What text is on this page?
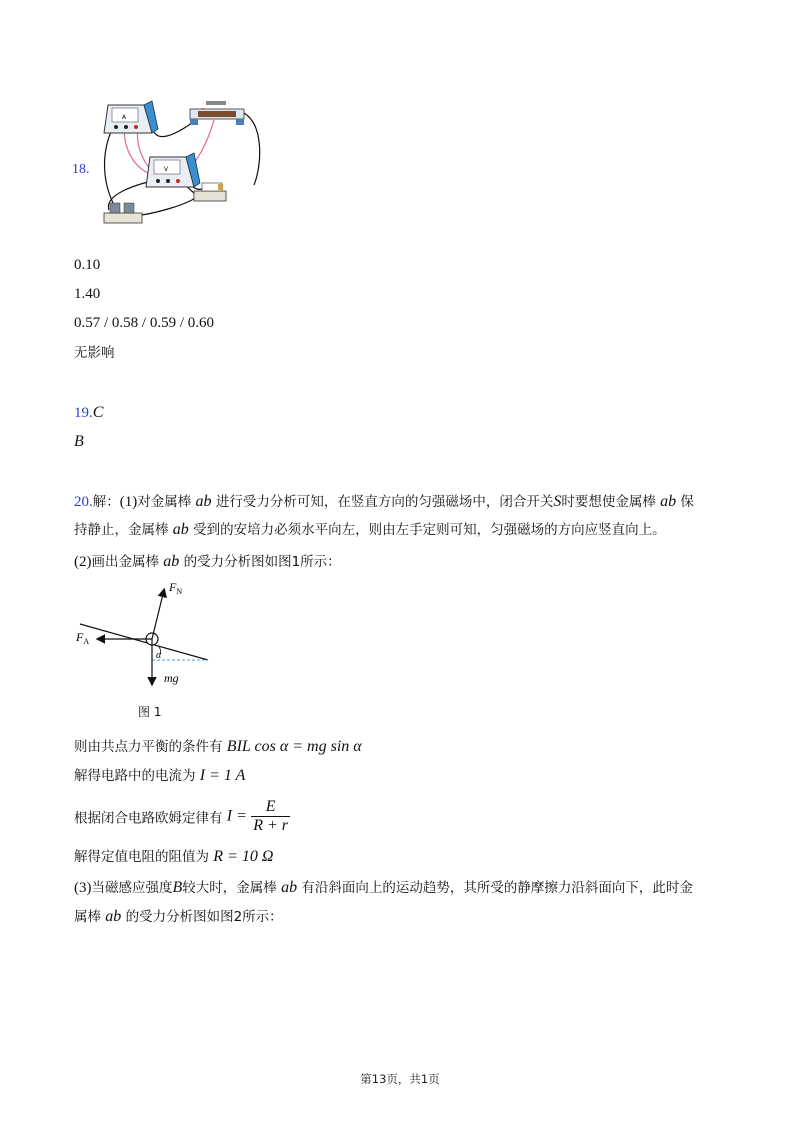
18.
A
V
0.10
1.40
0.57 / 0.58 / 0.59 / 0.60
无影响
19.C
B
20.解：(1)对金属棒 ab 进行受力分析可知，在竖直方向的匀强磁场中，闭合开关S时要想使金属棒 ab 保
持静止，金属棒 ab 受到的安培力必须水平向左，则由左手定则可知，匀强磁场的方向应竖直向上。
(2)画出金属棒 ab 的受力分析图如图1所示：
$F_N$
$F_A$
α
mg
图 1
则由共点力平衡的条件有 BIL cos α = mg sin α
解得电路中的电流为 I = 1 A
根据闭合电路欧姆定律有 $I = \frac{E}{R + r}$
解得定值电阻的阻值为 R = 10 Ω
(3)当磁感应强度B较大时，金属棒 ab 有沿斜面向上的运动趋势，其所受的静摩擦力沿斜面向下，此时金
属棒 ab 的受力分析图如图2所示：
第13页，共1页
